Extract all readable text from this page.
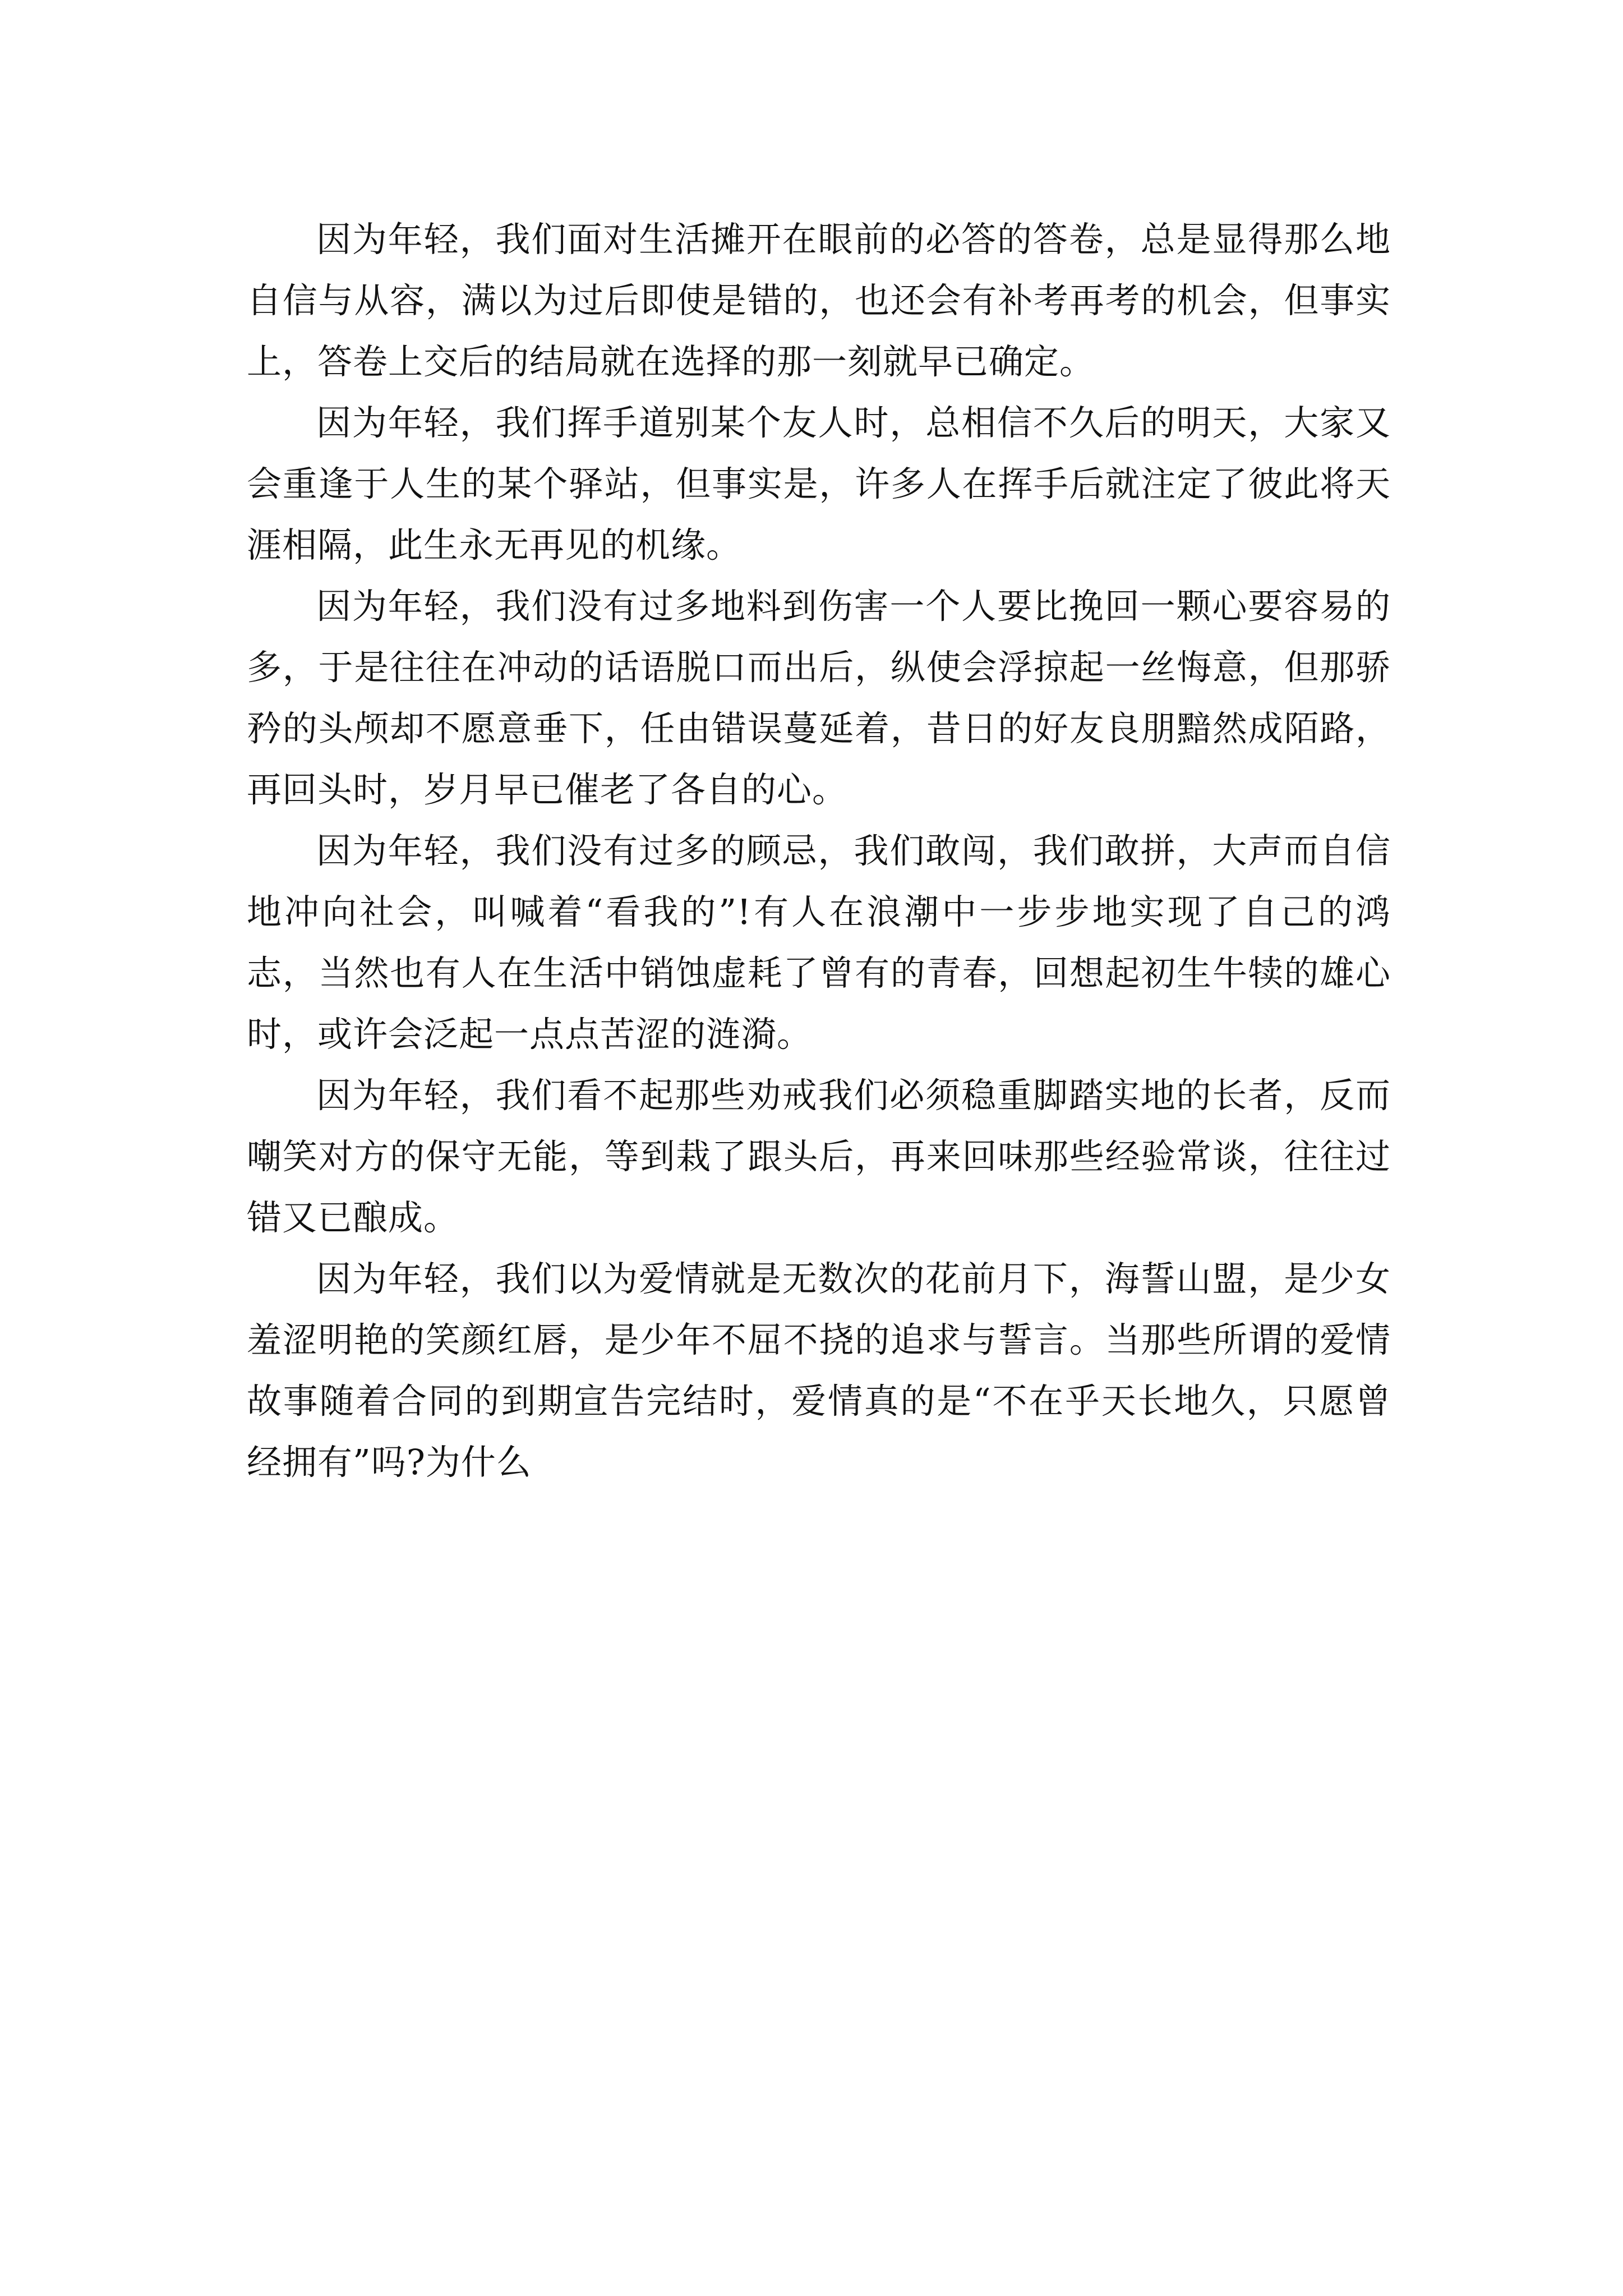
因为年轻，我们面对生活摊开在眼前的必答的答卷，总是显得那么地自信与从容，满以为过后即使是错的，也还会有补考再考的机会，但事实上，答卷上交后的结局就在选择的那一刻就早已确定。

因为年轻，我们挥手道别某个友人时，总相信不久后的明天，大家又会重逢于人生的某个驿站，但事实是，许多人在挥手后就注定了彼此将天涯相隔，此生永无再见的机缘。

因为年轻，我们没有过多地料到伤害一个人要比挽回一颗心要容易的多，于是往往在冲动的话语脱口而出后，纵使会浮掠起一丝悔意，但那骄矜的头颅却不愿意垂下，任由错误蔓延着，昔日的好友良朋黯然成陌路，再回头时，岁月早已催老了各自的心。

因为年轻，我们没有过多的顾忌，我们敢闯，我们敢拼，大声而自信地冲向社会，叫喊着“看我的”!有人在浪潮中一步步地实现了自己的鸿志，当然也有人在生活中销蚀虚耗了曾有的青春，回想起初生牛犊的雄心时，或许会泛起一点点苦涩的涟漪。

因为年轻，我们看不起那些劝戒我们必须稳重脚踏实地的长者，反而嘲笑对方的保守无能，等到栽了跟头后，再来回味那些经验常谈，往往过错又已酿成。

因为年轻，我们以为爱情就是无数次的花前月下，海誓山盟，是少女羞涩明艳的笑颜红唇，是少年不屈不挠的追求与誓言。当那些所谓的爱情故事随着合同的到期宣告完结时，爱情真的是“不在乎天长地久，只愿曾经拥有”吗?为什么
